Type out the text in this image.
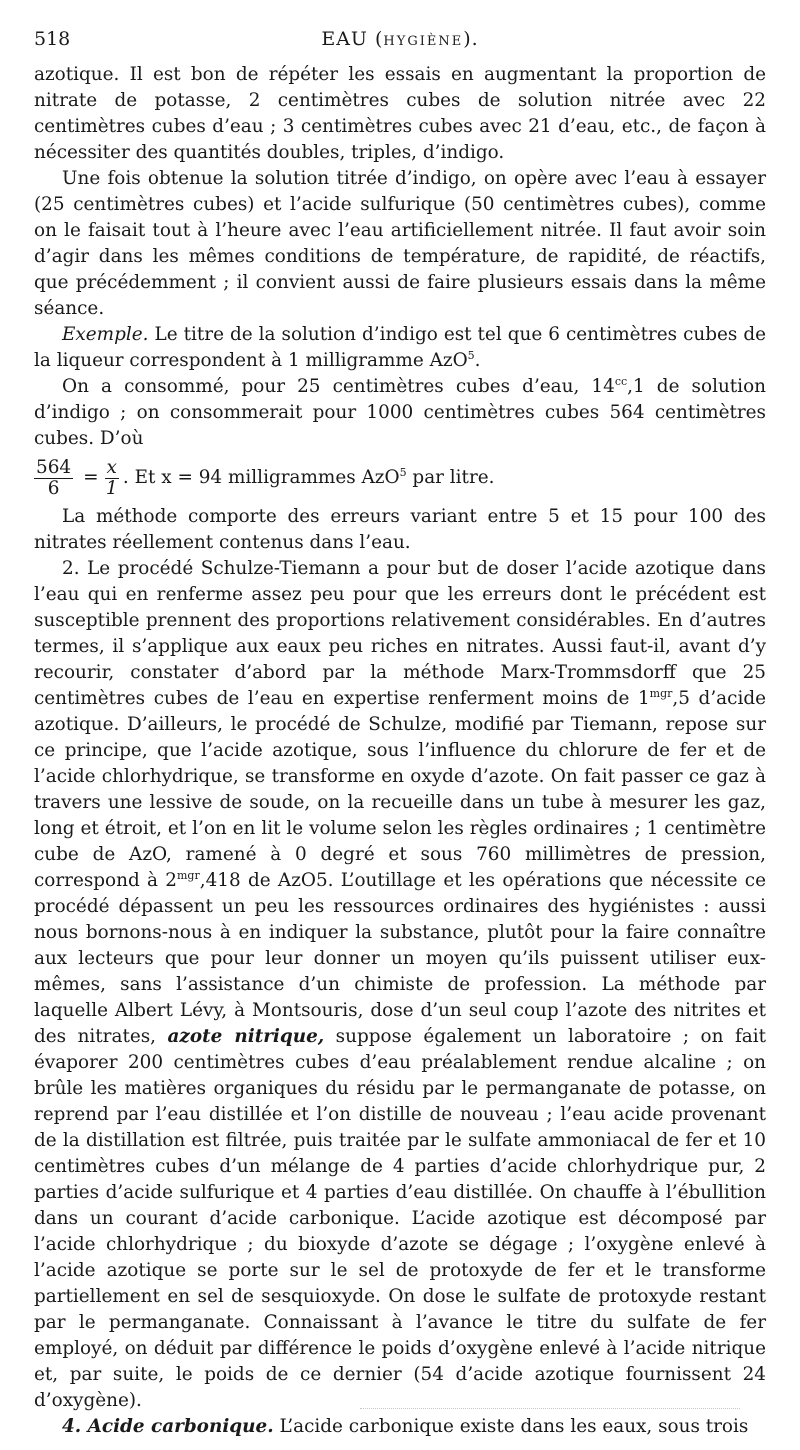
518	EAU (HYGIÈNE).

azotique. Il est bon de répéter les essais en augmentant la proportion de nitrate de potasse, 2 centimètres cubes de solution nitrée avec 22 centimètres cubes d’eau ; 3 centimètres cubes avec 21 d’eau, etc., de façon à nécessiter des quantités doubles, triples, d’indigo.

Une fois obtenue la solution titrée d’indigo, on opère avec l’eau à essayer (25 centimètres cubes) et l’acide sulfurique (50 centimètres cubes), comme on le faisait tout à l’heure avec l’eau artificiellement nitrée. Il faut avoir soin d’agir dans les mêmes conditions de température, de rapidité, de réactifs, que précédemment ; il convient aussi de faire plusieurs essais dans la même séance.

Exemple. Le titre de la solution d’indigo est tel que 6 centimètres cubes de la liqueur correspondent à 1 milligramme AzO$^5$.

On a consommé, pour 25 centimètres cubes d’eau, $14^{cc},1$ de solution d’indigo ; on consommerait pour 1000 centimètres cubes 564 centimètres cubes. D’où

$\frac{564}{6} = \frac{x}{1}$ . Et x = 94 milligrammes AzO$^5$ par litre.

La méthode comporte des erreurs variant entre 5 et 15 pour 100 des nitrates réellement contenus dans l’eau.

2. Le procédé Schulze-Tiemann a pour but de doser l’acide azotique dans l’eau qui en renferme assez peu pour que les erreurs dont le précédent est susceptible prennent des proportions relativement considérables. En d’autres termes, il s’applique aux eaux peu riches en nitrates. Aussi faut-il, avant d’y recourir, constater d’abord par la méthode Marx-Trommsdorff que 25 centimètres cubes de l’eau en expertise renferment moins de $1^{mgr},5$ d’acide azotique. D’ailleurs, le procédé de Schulze, modifié par Tiemann, repose sur ce principe, que l’acide azotique, sous l’influence du chlorure de fer et de l’acide chlorhydrique, se transforme en oxyde d’azote. On fait passer ce gaz à travers une lessive de soude, on la recueille dans un tube à mesurer les gaz, long et étroit, et l’on en lit le volume selon les règles ordinaires ; 1 centimètre cube de AzO, ramené à 0 degré et sous 760 millimètres de pression, correspond à $2^{mgr},418$ de AzO5. L’outillage et les opérations que nécessite ce procédé dépassent un peu les ressources ordinaires des hygiénistes : aussi nous bornons-nous à en indiquer la substance, plutôt pour la faire connaître aux lecteurs que pour leur donner un moyen qu’ils puissent utiliser eux-mêmes, sans l’assistance d’un chimiste de profession. La méthode par laquelle Albert Lévy, à Montsouris, dose d’un seul coup l’azote des nitrites et des nitrates, azote nitrique, suppose également un laboratoire ; on fait évaporer 200 centimètres cubes d’eau préalablement rendue alcaline ; on brûle les matières organiques du résidu par le permanganate de potasse, on reprend par l’eau distillée et l’on distille de nouveau ; l’eau acide provenant de la distillation est filtrée, puis traitée par le sulfate ammoniacal de fer et 10 centimètres cubes d’un mélange de 4 parties d’acide chlorhydrique pur, 2 parties d’acide sulfurique et 4 parties d’eau distillée. On chauffe à l’ébullition dans un courant d’acide carbonique. L’acide azotique est décomposé par l’acide chlorhydrique ; du bioxyde d’azote se dégage ; l’oxygène enlevé à l’acide azotique se porte sur le sel de protoxyde de fer et le transforme partiellement en sel de sesquioxyde. On dose le sulfate de protoxyde restant par le permanganate. Connaissant à l’avance le titre du sulfate de fer employé, on déduit par différence le poids d’oxygène enlevé à l’acide nitrique et, par suite, le poids de ce dernier (54 d’acide azotique fournissent 24 d’oxygène).

4. Acide carbonique. L’acide carbonique existe dans les eaux, sous trois
